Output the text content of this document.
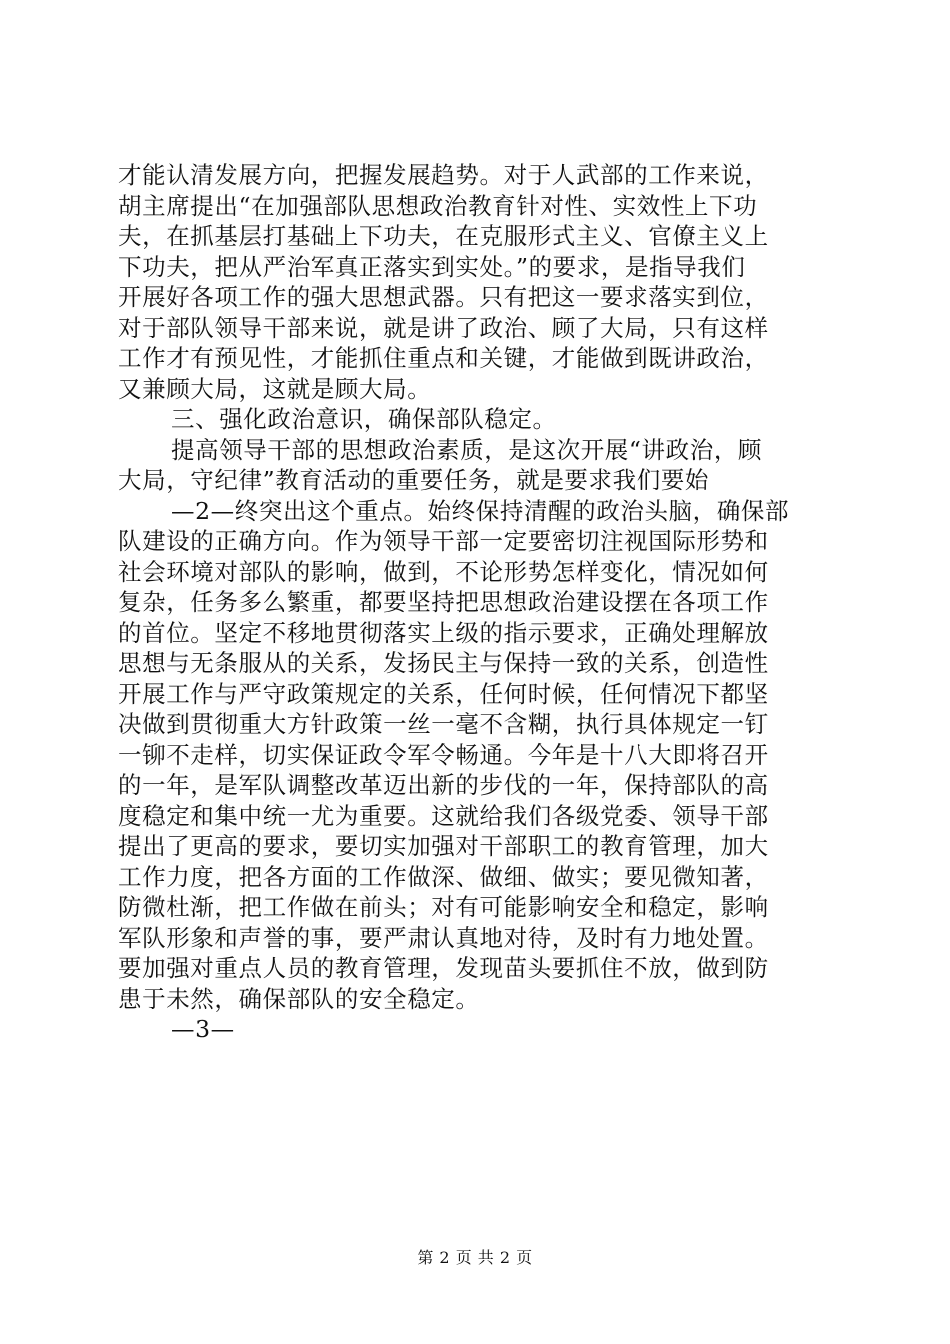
才能认清发展方向，把握发展趋势。对于人武部的工作来说，
胡主席提出“在加强部队思想政治教育针对性、实效性上下功
夫，在抓基层打基础上下功夫，在克服形式主义、官僚主义上
下功夫，把从严治军真正落实到实处。”的要求，是指导我们
开展好各项工作的强大思想武器。只有把这一要求落实到位，
对于部队领导干部来说，就是讲了政治、顾了大局，只有这样
工作才有预见性，才能抓住重点和关键，才能做到既讲政治，
又兼顾大局，这就是顾大局。
三、强化政治意识，确保部队稳定。
提高领导干部的思想政治素质，是这次开展“讲政治，顾
大局，守纪律”教育活动的重要任务，就是要求我们要始
—2—终突出这个重点。始终保持清醒的政治头脑，确保部
队建设的正确方向。作为领导干部一定要密切注视国际形势和
社会环境对部队的影响，做到，不论形势怎样变化，情况如何
复杂，任务多么繁重，都要坚持把思想政治建设摆在各项工作
的首位。坚定不移地贯彻落实上级的指示要求，正确处理解放
思想与无条服从的关系，发扬民主与保持一致的关系，创造性
开展工作与严守政策规定的关系，任何时候，任何情况下都坚
决做到贯彻重大方针政策一丝一毫不含糊，执行具体规定一钉
一铆不走样，切实保证政令军令畅通。今年是十八大即将召开
的一年，是军队调整改革迈出新的步伐的一年，保持部队的高
度稳定和集中统一尤为重要。这就给我们各级党委、领导干部
提出了更高的要求，要切实加强对干部职工的教育管理，加大
工作力度，把各方面的工作做深、做细、做实；要见微知著，
防微杜渐，把工作做在前头；对有可能影响安全和稳定，影响
军队形象和声誉的事，要严肃认真地对待，及时有力地处置。
要加强对重点人员的教育管理，发现苗头要抓住不放，做到防
患于未然，确保部队的安全稳定。
—3—
第 2 页 共 2 页
